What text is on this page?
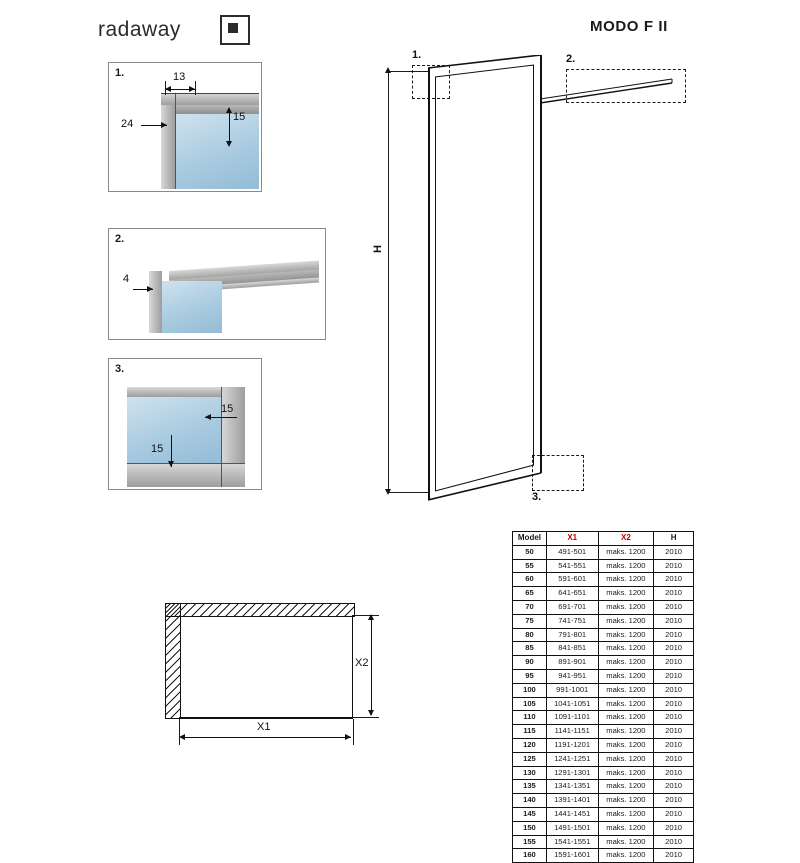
radaway	MODO F II
1.	13
24
15
2.
4
3.
15
15
H
1.	2.
3.
X1
X2
Model	X1	X2	H
50	491-501	maks. 1200	2010
55	541-551	maks. 1200	2010
60	591-601	maks. 1200	2010
65	641-651	maks. 1200	2010
70	691-701	maks. 1200	2010
75	741-751	maks. 1200	2010
80	791-801	maks. 1200	2010
85	841-851	maks. 1200	2010
90	891-901	maks. 1200	2010
95	941-951	maks. 1200	2010
100	991-1001	maks. 1200	2010
105	1041-1051	maks. 1200	2010
110	1091-1101	maks. 1200	2010
115	1141-1151	maks. 1200	2010
120	1191-1201	maks. 1200	2010
125	1241-1251	maks. 1200	2010
130	1291-1301	maks. 1200	2010
135	1341-1351	maks. 1200	2010
140	1391-1401	maks. 1200	2010
145	1441-1451	maks. 1200	2010
150	1491-1501	maks. 1200	2010
155	1541-1551	maks. 1200	2010
160	1591-1601	maks. 1200	2010
